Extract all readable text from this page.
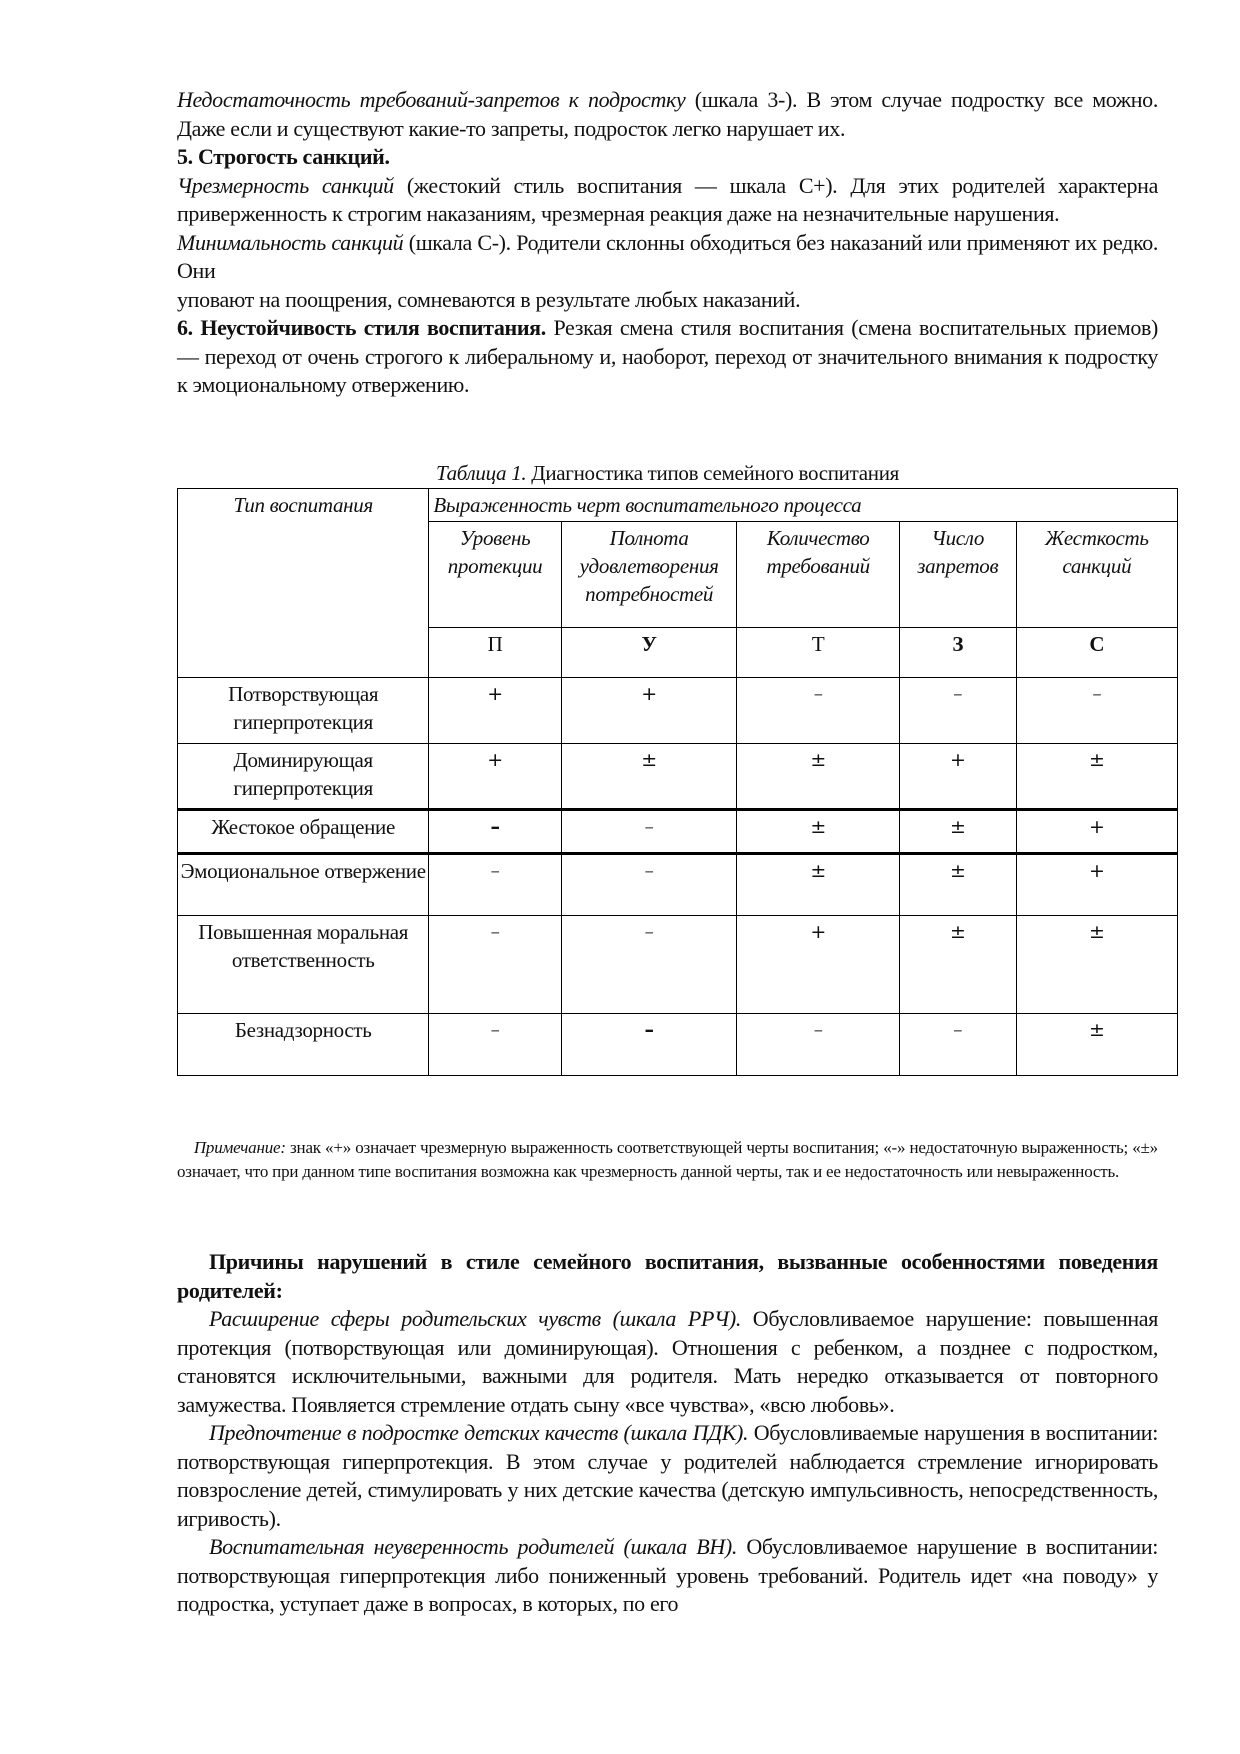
Недостаточность требований-запретов к подростку (шкала 3-). В этом случае подростку все можно. Даже если и существуют какие-то запреты, подросток легко нарушает их.

5. Строгость санкций.

Чрезмерность санкций (жестокий стиль воспитания — шкала С+). Для этих родителей характерна приверженность к строгим наказаниям, чрезмерная реакция даже на незначительные нарушения.

Минимальность санкций (шкала С-). Родители склонны обходиться без наказаний или применяют их редко. Они

уповают на поощрения, сомневаются в результате любых наказаний.

6. Неустойчивость стиля воспитания. Резкая смена стиля воспитания (смена воспитательных приемов) — переход от очень строгого к либеральному и, наоборот, переход от значительного внимания к подростку к эмоциональному отвержению.

Таблица 1. Диагностика типов семейного воспитания
Тип воспитания	Выраженность черт воспитательного процесса				
	Уровень протекции	Полнота удовлетворения потребностей	Количество требований	Число запретов	Жесткость санкций
	П	У	Т	З	С
Потворствующая гиперпротекция	+	+	–	–	–
Доминирующая гиперпротекция	+	±	±	+	±
Жестокое обращение	–	–	±	±	+
Эмоциональное отвержение	–	–	±	±	+
Повышенная моральная ответственность	–	–	+	±	±
Безнадзорность	–	–	–	–	±
Примечание: знак «+» означает чрезмерную выраженность соответствующей черты воспитания; «-» недостаточную выраженность; «±» означает, что при данном типе воспитания возможна как чрезмерность данной черты, так и ее недостаточность или невыраженность.

Причины нарушений в стиле семейного воспитания, вызванные особенностями поведения родителей:

Расширение сферы родительских чувств (шкала РРЧ). Обусловливаемое нарушение: повышенная протекция (потворствующая или доминирующая). Отношения с ребенком, а позднее с подростком, становятся исключительными, важными для родителя. Мать нередко отказывается от повторного замужества. Появляется стремление отдать сыну «все чувства», «всю любовь».

Предпочтение в подростке детских качеств (шкала ПДК). Обусловливаемые нарушения в воспитании: потворствующая гиперпротекция. В этом случае у родителей наблюдается стремление игнорировать повзросление детей, стимулировать у них детские качества (детскую импульсивность, непосредственность, игривость).

Воспитательная неуверенность родителей (шкала ВН). Обусловливаемое нарушение в воспитании: потворствующая гиперпротекция либо пониженный уровень требований. Родитель идет «на поводу» у подростка, уступает даже в вопросах, в которых, по его
